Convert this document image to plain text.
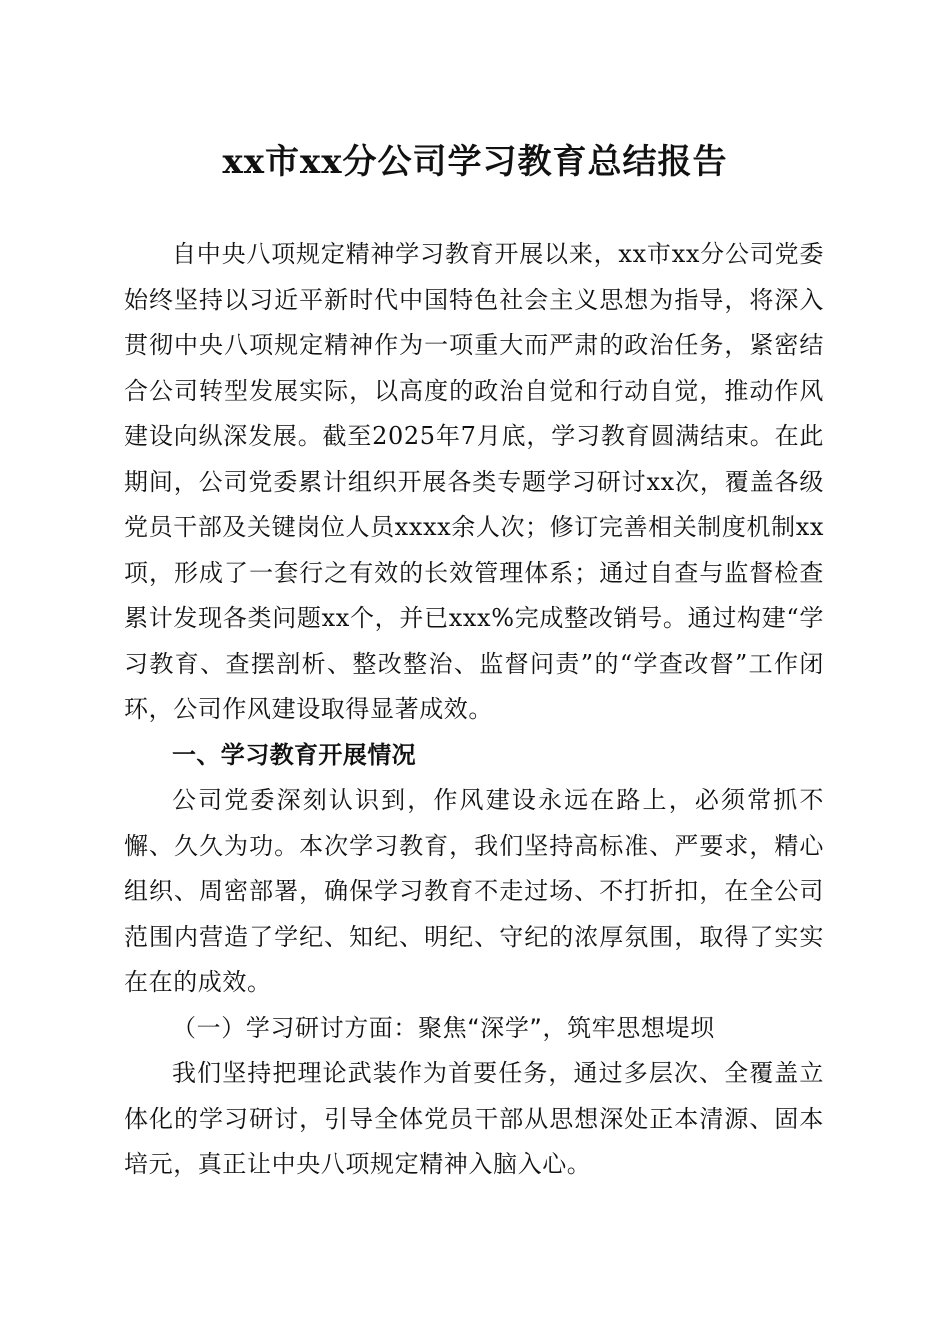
xx市xx分公司学习教育总结报告

自中央八项规定精神学习教育开展以来，xx市xx分公司党委始终坚持以习近平新时代中国特色社会主义思想为指导，将深入贯彻中央八项规定精神作为一项重大而严肃的政治任务，紧密结合公司转型发展实际，以高度的政治自觉和行动自觉，推动作风建设向纵深发展。截至2025年7月底，学习教育圆满结束。在此期间，公司党委累计组织开展各类专题学习研讨xx次，覆盖各级党员干部及关键岗位人员xxxx余人次；修订完善相关制度机制xx项，形成了一套行之有效的长效管理体系；通过自查与监督检查累计发现各类问题xx个，并已xxx%完成整改销号。通过构建“学习教育、查摆剖析、整改整治、监督问责”的“学查改督”工作闭环，公司作风建设取得显著成效。

一、学习教育开展情况

公司党委深刻认识到，作风建设永远在路上，必须常抓不懈、久久为功。本次学习教育，我们坚持高标准、严要求，精心组织、周密部署，确保学习教育不走过场、不打折扣，在全公司范围内营造了学纪、知纪、明纪、守纪的浓厚氛围，取得了实实在在的成效。

（一）学习研讨方面：聚焦“深学”，筑牢思想堤坝

我们坚持把理论武装作为首要任务，通过多层次、全覆盖立体化的学习研讨，引导全体党员干部从思想深处正本清源、固本培元，真正让中央八项规定精神入脑入心。
